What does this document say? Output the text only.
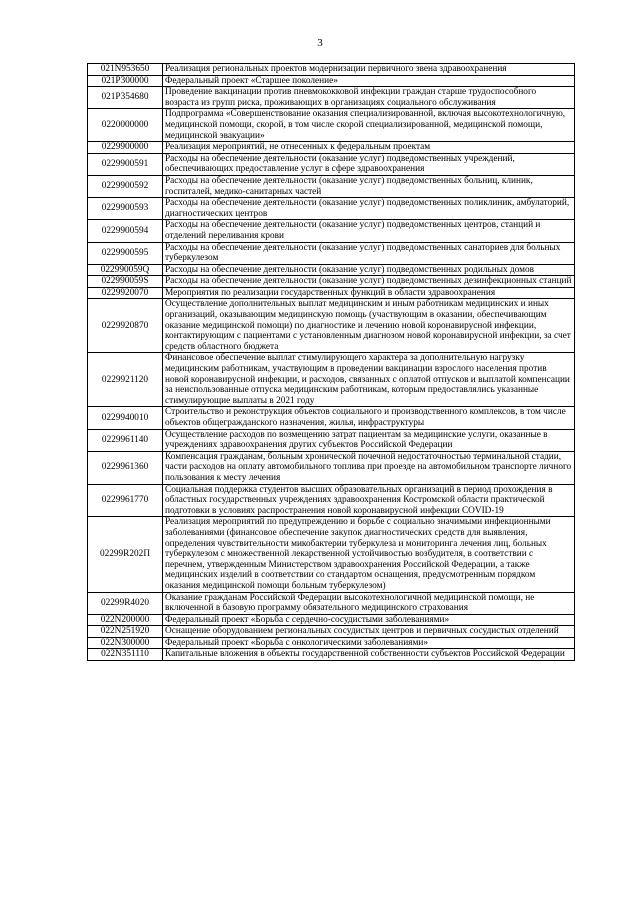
3
021N953650	Реализация региональных проектов модернизации первичного звена здравоохранения
021P300000	Федеральный проект «Старшее поколение»
021P354680	Проведение вакцинации против пневмококковой инфекции граждан старше трудоспособного возраста из групп риска, проживающих в организациях социального обслуживания
0220000000	Подпрограмма «Совершенствование оказания специализированной, включая высокотехнологичную, медицинской помощи, скорой, в том числе скорой специализированной, медицинской помощи, медицинской эвакуации»
0229900000	Реализация мероприятий, не отнесенных к федеральным проектам
0229900591	Расходы на обеспечение деятельности (оказание услуг) подведомственных учреждений, обеспечивающих предоставление услуг в сфере здравоохранения
0229900592	Расходы на обеспечение деятельности (оказание услуг) подведомственных больниц, клиник, госпиталей, медико-санитарных частей
0229900593	Расходы на обеспечение деятельности (оказание услуг) подведомственных поликлиник, амбулаторий, диагностических центров
0229900594	Расходы на обеспечение деятельности (оказание услуг) подведомственных центров, станций и отделений переливания крови
0229900595	Расходы на обеспечение деятельности (оказание услуг) подведомственных санаториев для больных туберкулезом
022990059Q	Расходы на обеспечение деятельности (оказание услуг) подведомственных родильных домов
022990059S	Расходы на обеспечение деятельности (оказание услуг) подведомственных дезинфекционных станций
0229920070	Мероприятия по реализации государственных функций в области здравоохранения
0229920870	Осуществление дополнительных выплат медицинским и иным работникам медицинских и иных организаций, оказывающим медицинскую помощь (участвующим в оказании, обеспечивающим оказание медицинской помощи) по диагностике и лечению новой коронавирусной инфекции, контактирующим с пациентами с установленным диагнозом новой коронавирусной инфекции, за счет средств областного бюджета
0229921120	Финансовое обеспечение выплат стимулирующего характера за дополнительную нагрузку медицинским работникам, участвующим в проведении вакцинации взрослого населения против новой коронавирусной инфекции, и расходов, связанных с оплатой отпусков и выплатой компенсации за неиспользованные отпуска медицинским работникам, которым предоставлялись указанные стимулирующие выплаты в 2021 году
0229940010	Строительство и реконструкция объектов социального и производственного комплексов, в том числе объектов общегражданского назначения, жилья, инфраструктуры
0229961140	Осуществление расходов по возмещению затрат пациентам за медицинские услуги, оказанные в учреждениях здравоохранения других субъектов Российской Федерации
0229961360	Компенсация гражданам, больным хронической почечной недостаточностью терминальной стадии, части расходов на оплату автомобильного топлива при проезде на автомобильном транспорте личного пользования к месту лечения
0229961770	Социальная поддержка студентов высших образовательных организаций в период прохождения в областных государственных учреждениях здравоохранения Костромской области практической подготовки в условиях распространения новой коронавирусной инфекции COVID-19
02299R202П	Реализация мероприятий по предупреждению и борьбе с социально значимыми инфекционными заболеваниями (финансовое обеспечение закупок диагностических средств для выявления, определения чувствительности микобактерии туберкулеза и мониторинга лечения лиц, больных туберкулезом с множественной лекарственной устойчивостью возбудителя, в соответствии с перечнем, утвержденным Министерством здравоохранения Российской Федерации, а также медицинских изделий в соответствии со стандартом оснащения, предусмотренным порядком оказания медицинской помощи больным туберкулезом)
02299R4020	Оказание гражданам Российской Федерации высокотехнологичной медицинской помощи, не включенной в базовую программу обязательного медицинского страхования
022N200000	Федеральный проект «Борьба с сердечно-сосудистыми заболеваниями»
022N251920	Оснащение оборудованием региональных сосудистых центров и первичных сосудистых отделений
022N300000	Федеральный проект «Борьба с онкологическими заболеваниями»
022N351110	Капитальные вложения в объекты государственной собственности субъектов Российской Федерации
